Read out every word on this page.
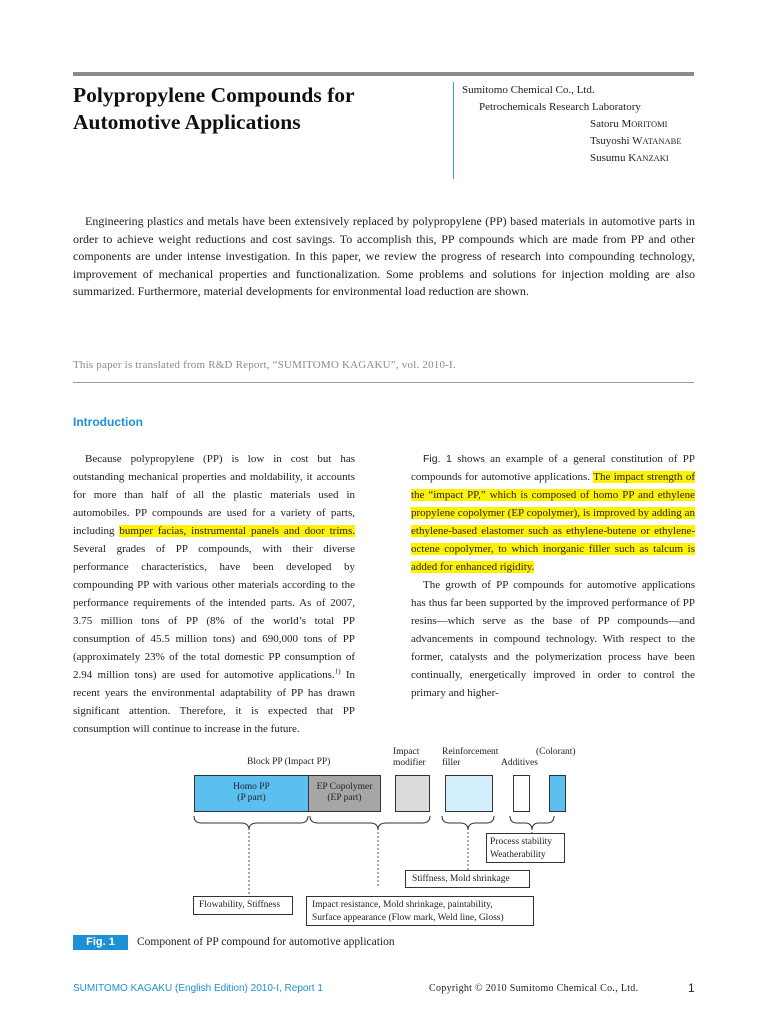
Polypropylene Compounds for Automotive Applications
Sumitomo Chemical Co., Ltd.
Petrochemicals Research Laboratory
Satoru MORITOMI
Tsuyoshi WATANABE
Susumu KANZAKI

Engineering plastics and metals have been extensively replaced by polypropylene (PP) based materials in automotive parts in order to achieve weight reductions and cost savings. To accomplish this, PP compounds which are made from PP and other components are under intense investigation. In this paper, we review the progress of research into compounding technology, improvement of mechanical properties and functionalization. Some problems and solutions for injection molding are also summarized. Furthermore, material developments for environmental load reduction are shown.

This paper is translated from R&D Report, “SUMITOMO KAGAKU”, vol. 2010-I.
Introduction

Because polypropylene (PP) is low in cost but has outstanding mechanical properties and moldability, it accounts for more than half of all the plastic materials used in automobiles. PP compounds are used for a variety of parts, including bumper facias, instrumental panels and door trims. Several grades of PP compounds, with their diverse performance characteristics, have been developed by compounding PP with various other materials according to the performance requirements of the intended parts. As of 2007, 3.75 million tons of PP (8% of the world’s total PP consumption of 45.5 million tons) and 690,000 tons of PP (approximately 23% of the total domestic PP consumption of 2.94 million tons) are used for automotive applications.$^{1)}$ In recent years the environmental adaptability of PP has drawn significant attention. Therefore, it is expected that PP consumption will continue to increase in the future.

Fig. 1 shows an example of a general constitution of PP compounds for automotive applications. The impact strength of the “impact PP,” which is composed of homo PP and ethylene propylene copolymer (EP copolymer), is improved by adding an ethylene-based elastomer such as ethylene-butene or ethylene-octene copolymer, to which inorganic filler such as talcum is added for enhanced rigidity.

The growth of PP compounds for automotive applications has thus far been supported by the improved performance of PP resins—which serve as the base of PP compounds—and advancements in compound technology. With respect to the former, catalysts and the polymerization process have been continually, energetically improved in order to control the primary and higher-

Block PP (Impact PP)
Impact
modifier
Reinforcement
filler	Additives
(Colorant)
Homo PP
(P part)
EP Copolymer
(EP part)
Process stability
Weatherability
Stiffness, Mold shrinkage
Flowability, Stiffness	Impact resistance, Mold shrinkage, paintability,
Surface appearance (Flow mark, Weld line, Gloss)
Fig. 1	Component of PP compound for automotive application
SUMITOMO KAGAKU (English Edition) 2010-I, Report 1	Copyright © 2010 Sumitomo Chemical Co., Ltd.	1
